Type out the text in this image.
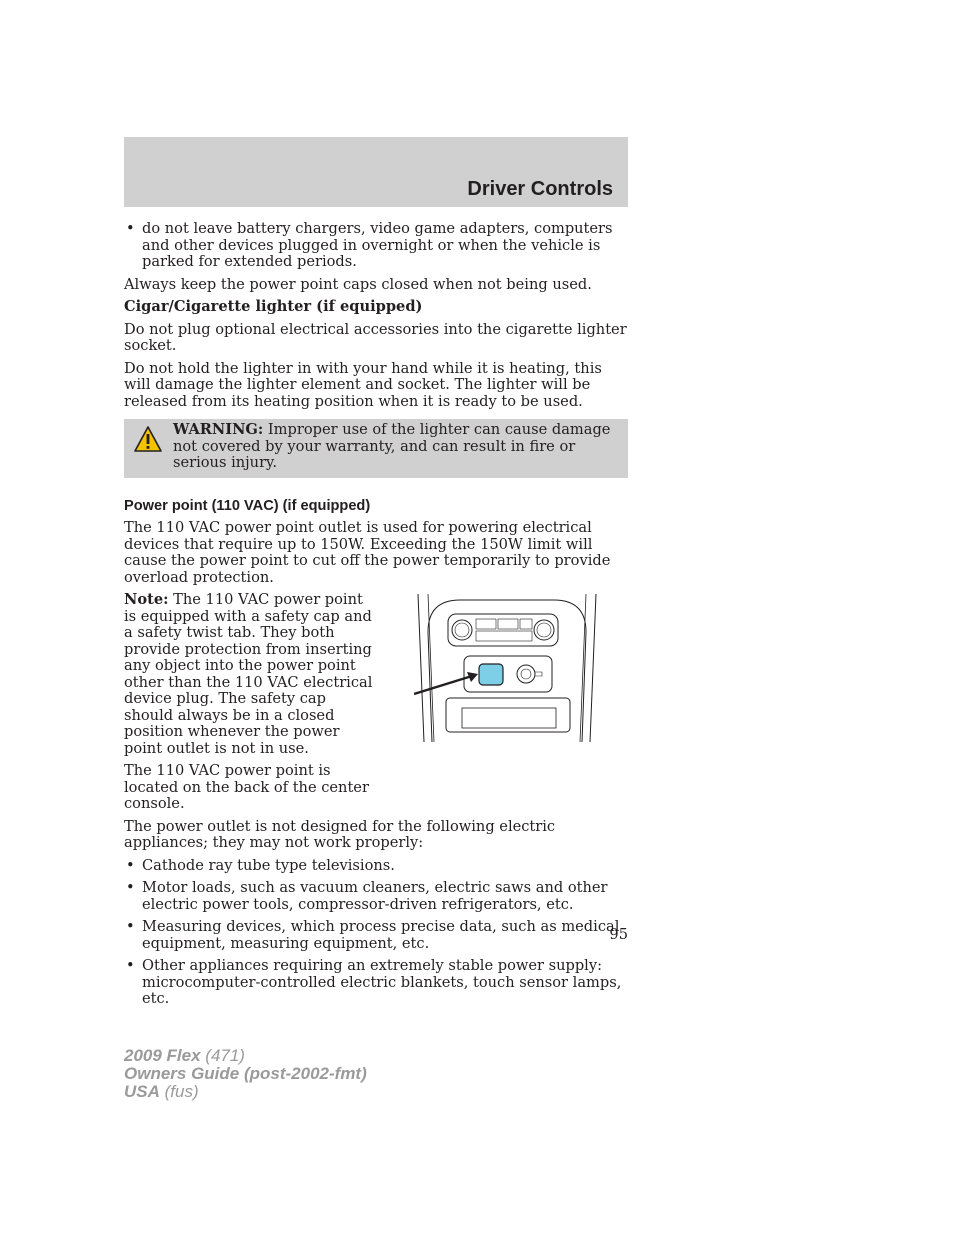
Driver Controls
• do not leave battery chargers, video game adapters, computers and other devices plugged in overnight or when the vehicle is parked for extended periods.

Always keep the power point caps closed when not being used.

Cigar/Cigarette lighter (if equipped)

Do not plug optional electrical accessories into the cigarette lighter socket.

Do not hold the lighter in with your hand while it is heating, this will damage the lighter element and socket. The lighter will be released from its heating position when it is ready to be used.

WARNING: Improper use of the lighter can cause damage not covered by your warranty, and can result in fire or serious injury.
Power point (110 VAC) (if equipped)

The 110 VAC power point outlet is used for powering electrical devices that require up to 150W. Exceeding the 150W limit will cause the power point to cut off the power temporarily to provide overload protection.

Note: The 110 VAC power point is equipped with a safety cap and a safety twist tab. They both provide protection from inserting any object into the power point other than the 110 VAC electrical device plug. The safety cap should always be in a closed position whenever the power point outlet is not in use.

The 110 VAC power point is located on the back of the center console.

The power outlet is not designed for the following electric appliances; they may not work properly:

• Cathode ray tube type televisions.
• Motor loads, such as vacuum cleaners, electric saws and other electric power tools, compressor-driven refrigerators, etc.
• Measuring devices, which process precise data, such as medical equipment, measuring equipment, etc.
• Other appliances requiring an extremely stable power supply: microcomputer-controlled electric blankets, touch sensor lamps, etc.
95
2009 Flex (471)
Owners Guide (post-2002-fmt)
USA (fus)
